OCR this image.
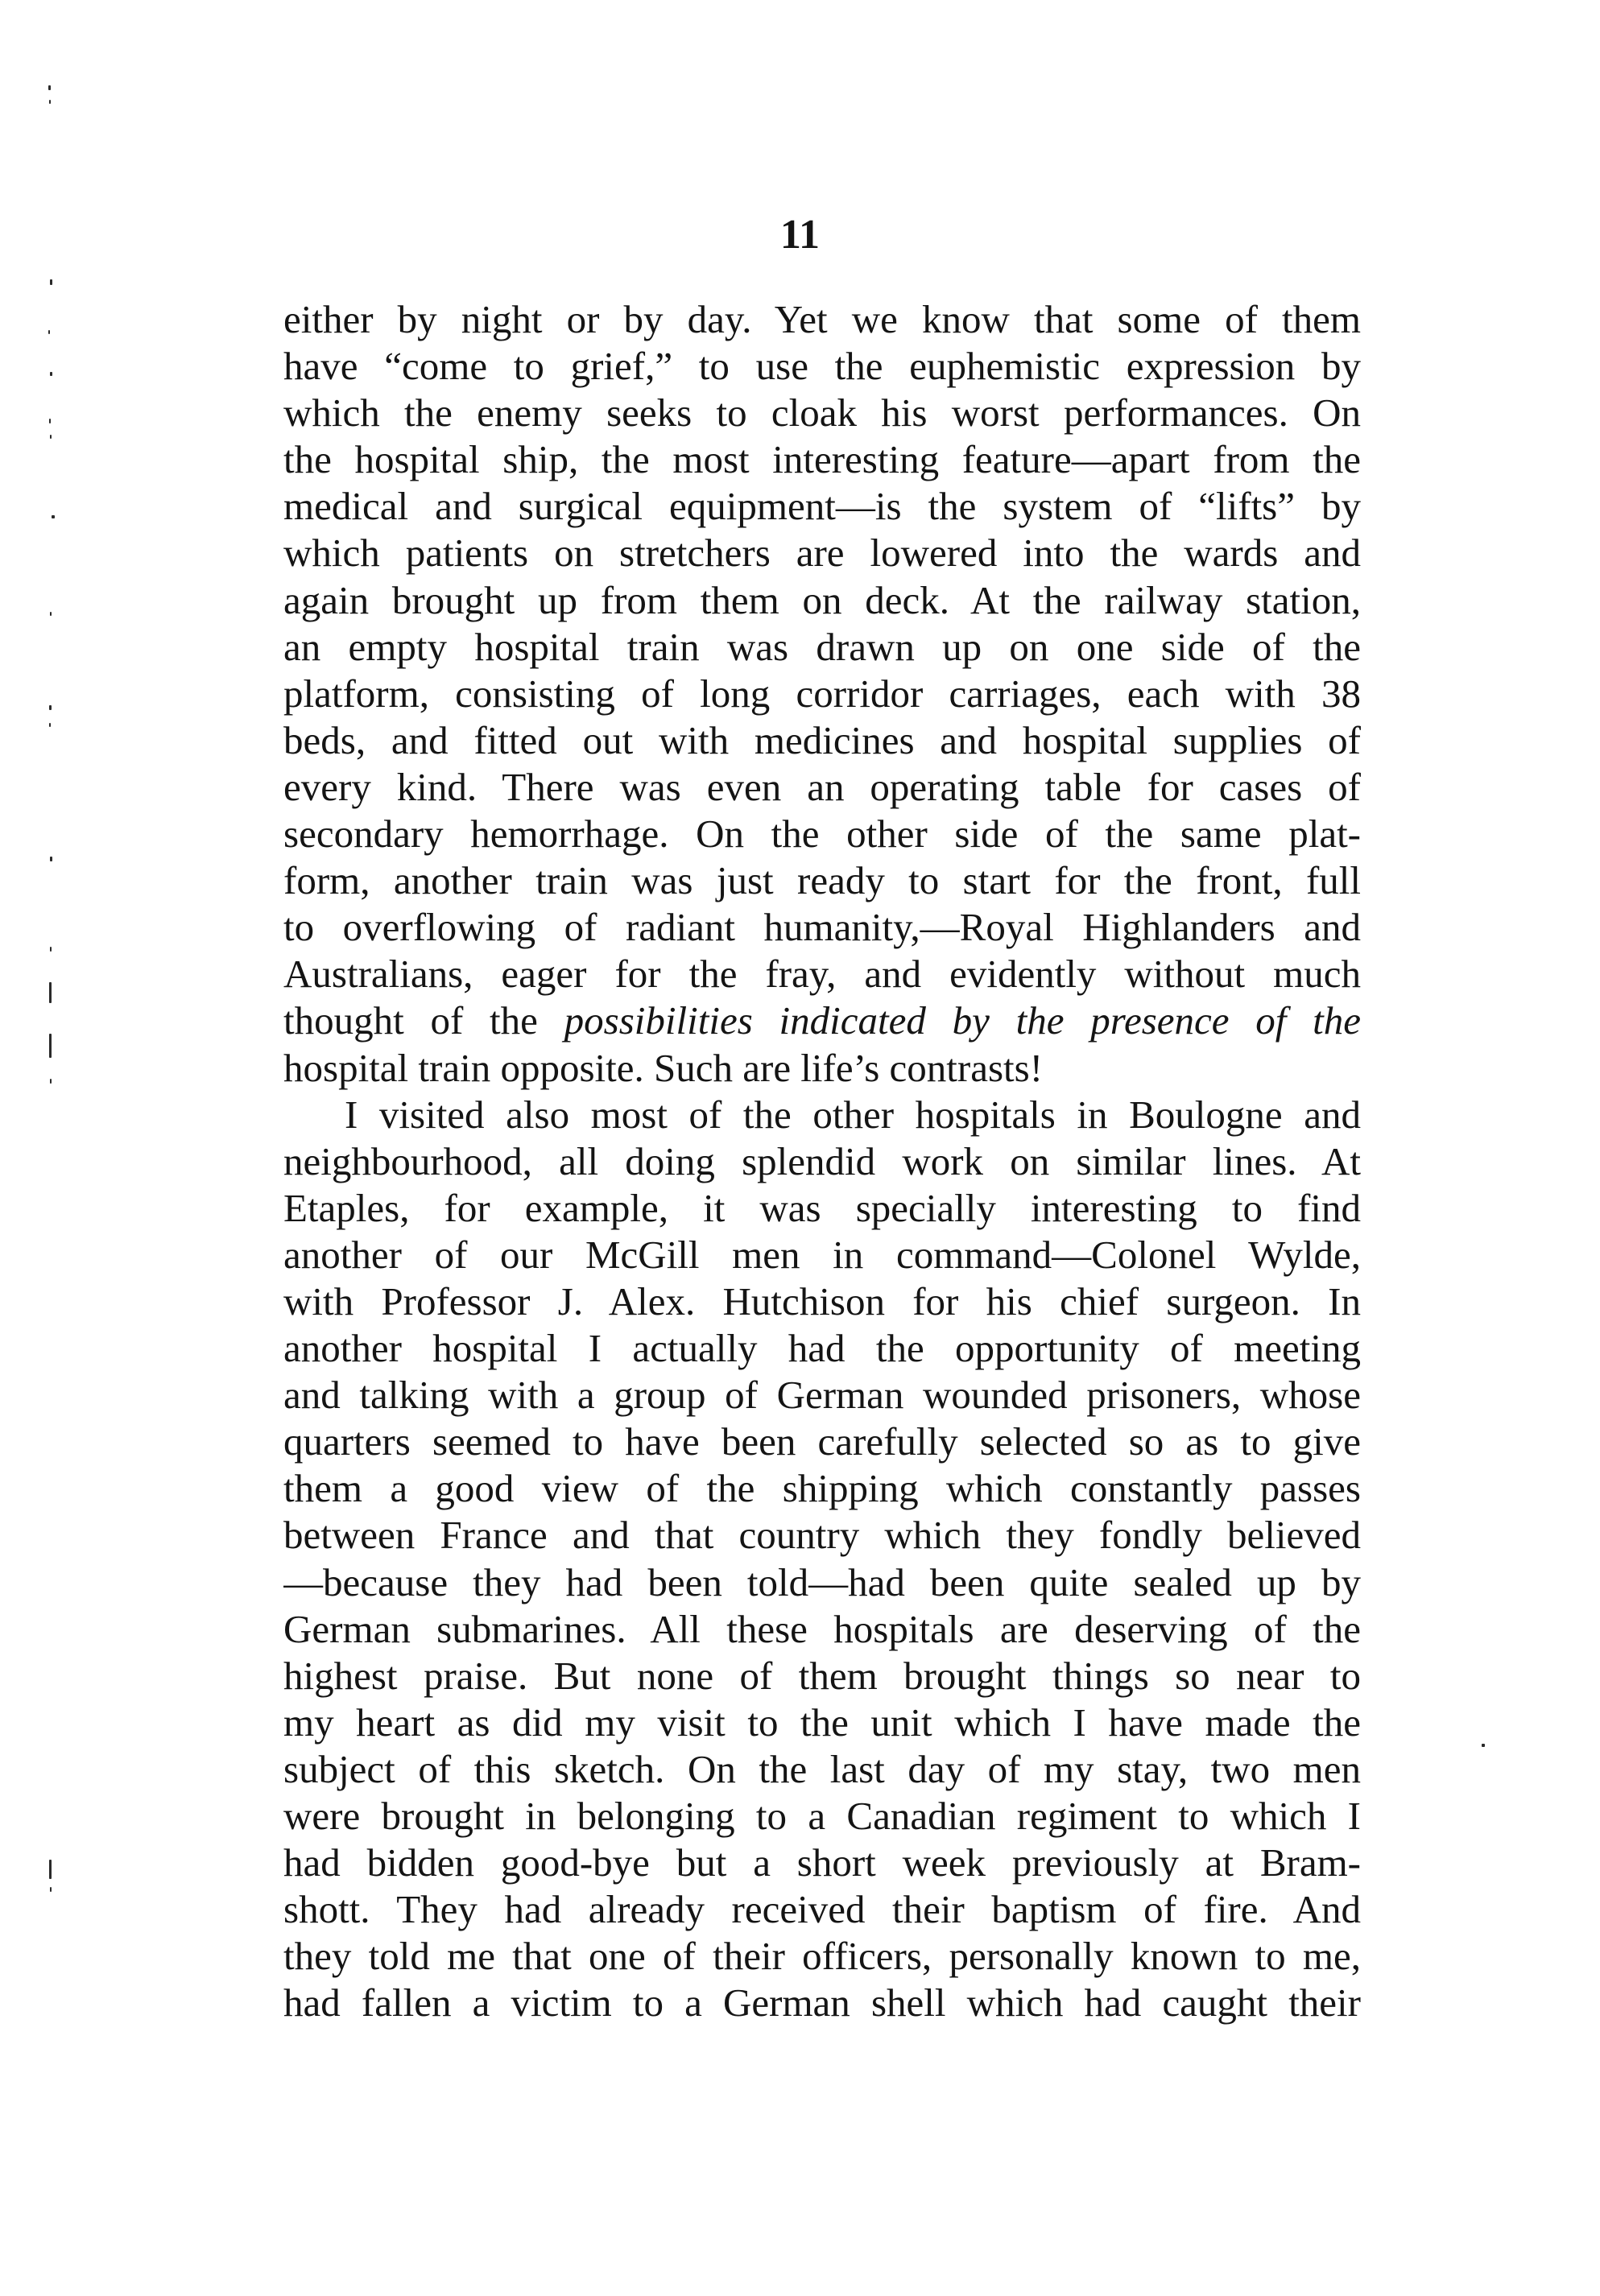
11

either by night or by day. Yet we know that some of them
have “come to grief,” to use the euphemistic expression by
which the enemy seeks to cloak his worst performances. On
the hospital ship, the most interesting feature—apart from the
medical and surgical equipment—is the system of “lifts” by
which patients on stretchers are lowered into the wards and
again brought up from them on deck. At the railway station,
an empty hospital train was drawn up on one side of the
platform, consisting of long corridor carriages, each with 38
beds, and fitted out with medicines and hospital supplies of
every kind. There was even an operating table for cases of
secondary hemorrhage. On the other side of the same plat-
form, another train was just ready to start for the front, full
to overflowing of radiant humanity,—Royal Highlanders and
Australians, eager for the fray, and evidently without much
thought of the possibilities indicated by the presence of the
hospital train opposite. Such are life’s contrasts!
I visited also most of the other hospitals in Boulogne and
neighbourhood, all doing splendid work on similar lines. At
Etaples, for example, it was specially interesting to find
another of our McGill men in command—Colonel Wylde,
with Professor J. Alex. Hutchison for his chief surgeon. In
another hospital I actually had the opportunity of meeting
and talking with a group of German wounded prisoners, whose
quarters seemed to have been carefully selected so as to give
them a good view of the shipping which constantly passes
between France and that country which they fondly believed
—because they had been told—had been quite sealed up by
German submarines. All these hospitals are deserving of the
highest praise. But none of them brought things so near to
my heart as did my visit to the unit which I have made the
subject of this sketch. On the last day of my stay, two men
were brought in belonging to a Canadian regiment to which I
had bidden good-bye but a short week previously at Bram-
shott. They had already received their baptism of fire. And
they told me that one of their officers, personally known to me,
had fallen a victim to a German shell which had caught their
